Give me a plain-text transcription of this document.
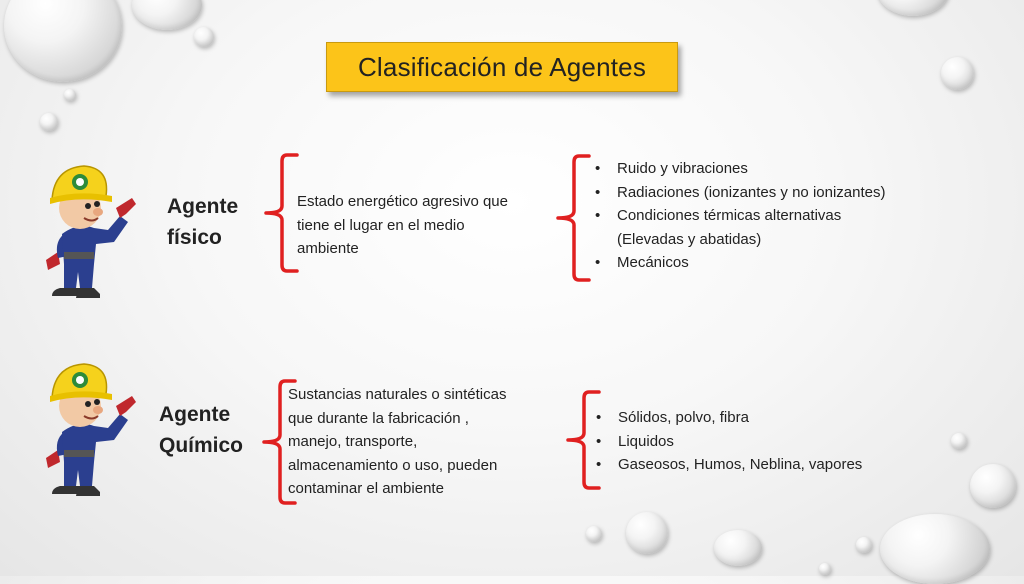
Clasificación de Agentes
Agente
físico
Estado energético agresivo que
tiene el lugar en el medio
ambiente
• Ruido y vibraciones
• Radiaciones (ionizantes y no ionizantes)
• Condiciones térmicas alternativas
(Elevadas y abatidas)
• Mecánicos
Agente
Químico
Sustancias naturales o sintéticas
que durante la fabricación ,
manejo, transporte,
almacenamiento o uso, pueden
contaminar el ambiente
• Sólidos, polvo, fibra
• Liquidos
• Gaseosos, Humos, Neblina, vapores
